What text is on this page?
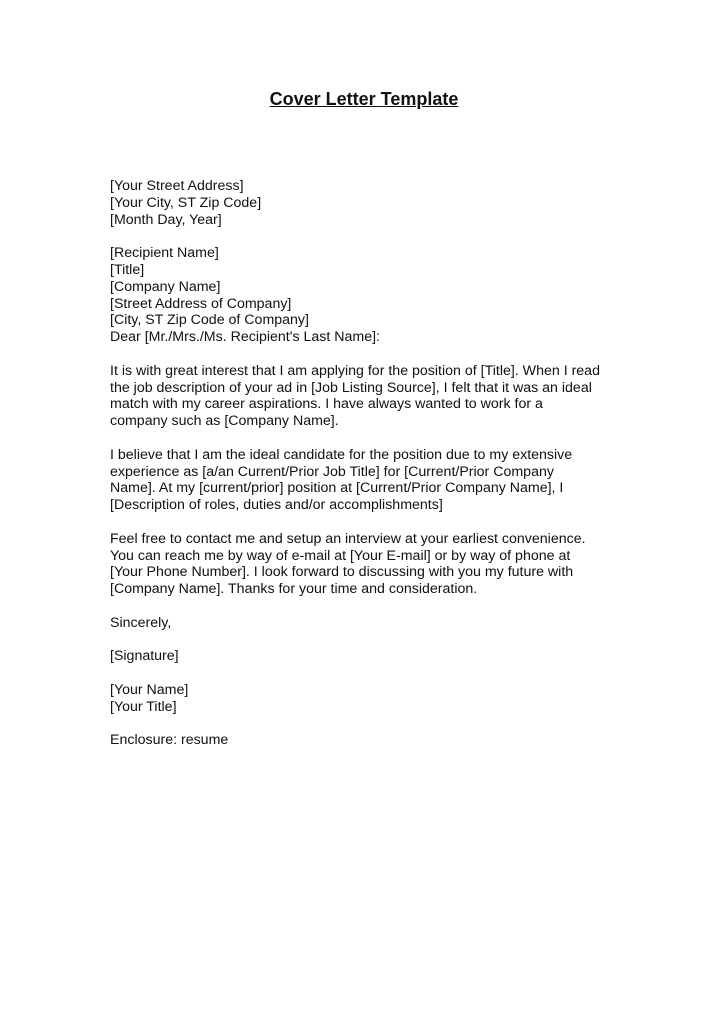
Cover Letter Template
[Your Street Address]
[Your City, ST Zip Code]
[Month Day, Year]
[Recipient Name]
[Title]
[Company Name]
[Street Address of Company]
[City, ST Zip Code of Company]
Dear [Mr./Mrs./Ms. Recipient's Last Name]:
It is with great interest that I am applying for the position of [Title]. When I read
the job description of your ad in [Job Listing Source], I felt that it was an ideal
match with my career aspirations. I have always wanted to work for a
company such as [Company Name].
I believe that I am the ideal candidate for the position due to my extensive
experience as [a/an Current/Prior Job Title] for [Current/Prior Company
Name]. At my [current/prior] position at [Current/Prior Company Name], I
[Description of roles, duties and/or accomplishments]
Feel free to contact me and setup an interview at your earliest convenience.
You can reach me by way of e-mail at [Your E-mail] or by way of phone at
[Your Phone Number]. I look forward to discussing with you my future with
[Company Name]. Thanks for your time and consideration.
Sincerely,
[Signature]
[Your Name]
[Your Title]
Enclosure: resume
